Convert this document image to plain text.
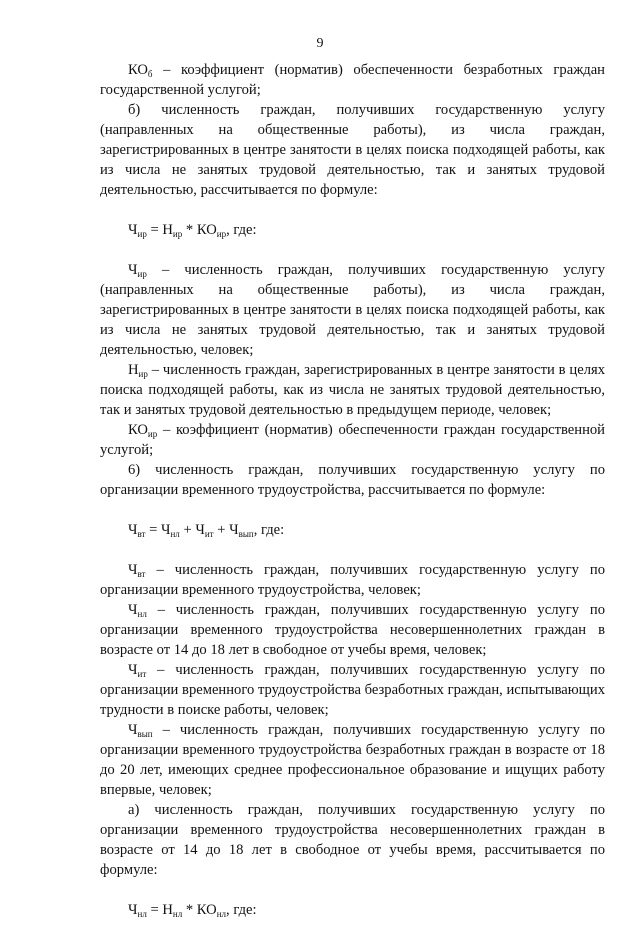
9

$КО_б$ – коэффициент (норматив) обеспеченности безработных граждан государственной услугой;

б) численность граждан, получивших государственную услугу (направленных на общественные работы), из числа граждан, зарегистрированных в центре занятости в целях поиска подходящей работы, как из числа не занятых трудовой деятельностью, так и занятых трудовой деятельностью, рассчитывается по формуле:

$Ч_{ир} = Н_{ир} * КО_{ир}$, где:

$Ч_{ир}$ – численность граждан, получивших государственную услугу (направленных на общественные работы), из числа граждан, зарегистрированных в центре занятости в целях поиска подходящей работы, как из числа не занятых трудовой деятельностью, так и занятых трудовой деятельностью, человек;

$Н_{ир}$ – численность граждан, зарегистрированных в центре занятости в целях поиска подходящей работы, как из числа не занятых трудовой деятельностью, так и занятых трудовой деятельностью в предыдущем периоде, человек;

$КО_{ир}$ – коэффициент (норматив) обеспеченности граждан государственной услугой;

6) численность граждан, получивших государственную услугу по организации временного трудоустройства, рассчитывается по формуле:

$Ч_{вт} = Ч_{нл} + Ч_{ит} + Ч_{вып}$, где:

$Ч_{вт}$ – численность граждан, получивших государственную услугу по организации временного трудоустройства, человек;

$Ч_{нл}$ – численность граждан, получивших государственную услугу по организации временного трудоустройства несовершеннолетних граждан в возрасте от 14 до 18 лет в свободное от учебы время, человек;

$Ч_{ит}$ – численность граждан, получивших государственную услугу по организации временного трудоустройства безработных граждан, испытывающих трудности в поиске работы, человек;

$Ч_{вып}$ – численность граждан, получивших государственную услугу по организации временного трудоустройства безработных граждан в возрасте от 18 до 20 лет, имеющих среднее профессиональное образование и ищущих работу впервые, человек;

а) численность граждан, получивших государственную услугу по организации временного трудоустройства несовершеннолетних граждан в возрасте от 14 до 18 лет в свободное от учебы время, рассчитывается по формуле:

$Ч_{нл} = Н_{нл} * КО_{нл}$, где:
